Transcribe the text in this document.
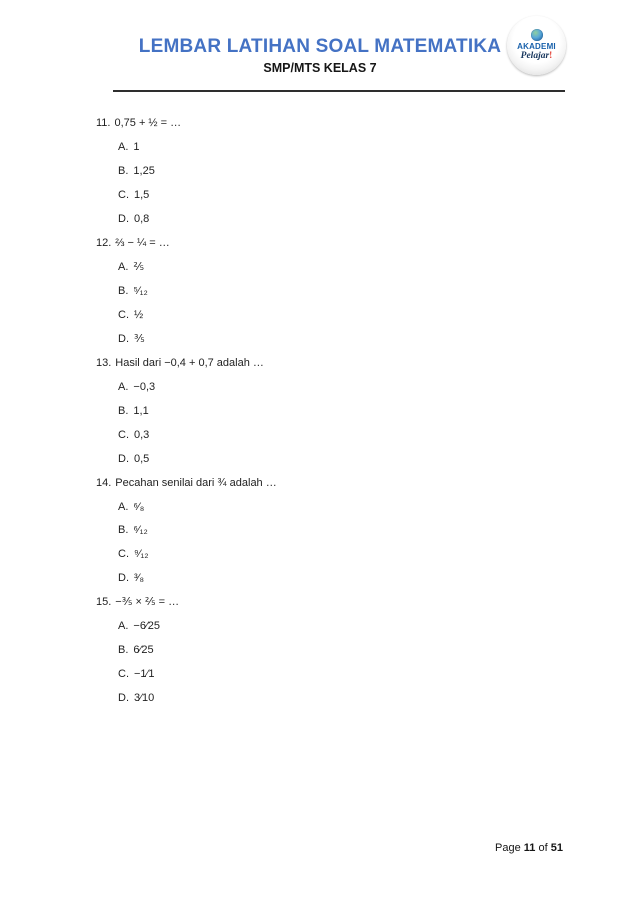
LEMBAR LATIHAN SOAL MATEMATIKA
SMP/MTS KELAS 7
AKADEMI
Pelajar!
11. 0,75 + ½ = …
A. 1
B. 1,25
C. 1,5
D. 0,8
12. ⅔ − ¼ = …
A. ⅖
B. ⁵⁄₁₂
C. ½
D. ⅗
13. Hasil dari −0,4 + 0,7 adalah …
A. −0,3
B. 1,1
C. 0,3
D. 0,5
14. Pecahan senilai dari ¾ adalah …
A. ⁶⁄₈
B. ⁶⁄₁₂
C. ⁹⁄₁₂
D. ³⁄₈
15. −⅗ × ⅖ = …
A. −6⁄25
B. 6⁄25
C. −1⁄1
D. 3⁄10
Page 11 of 51
